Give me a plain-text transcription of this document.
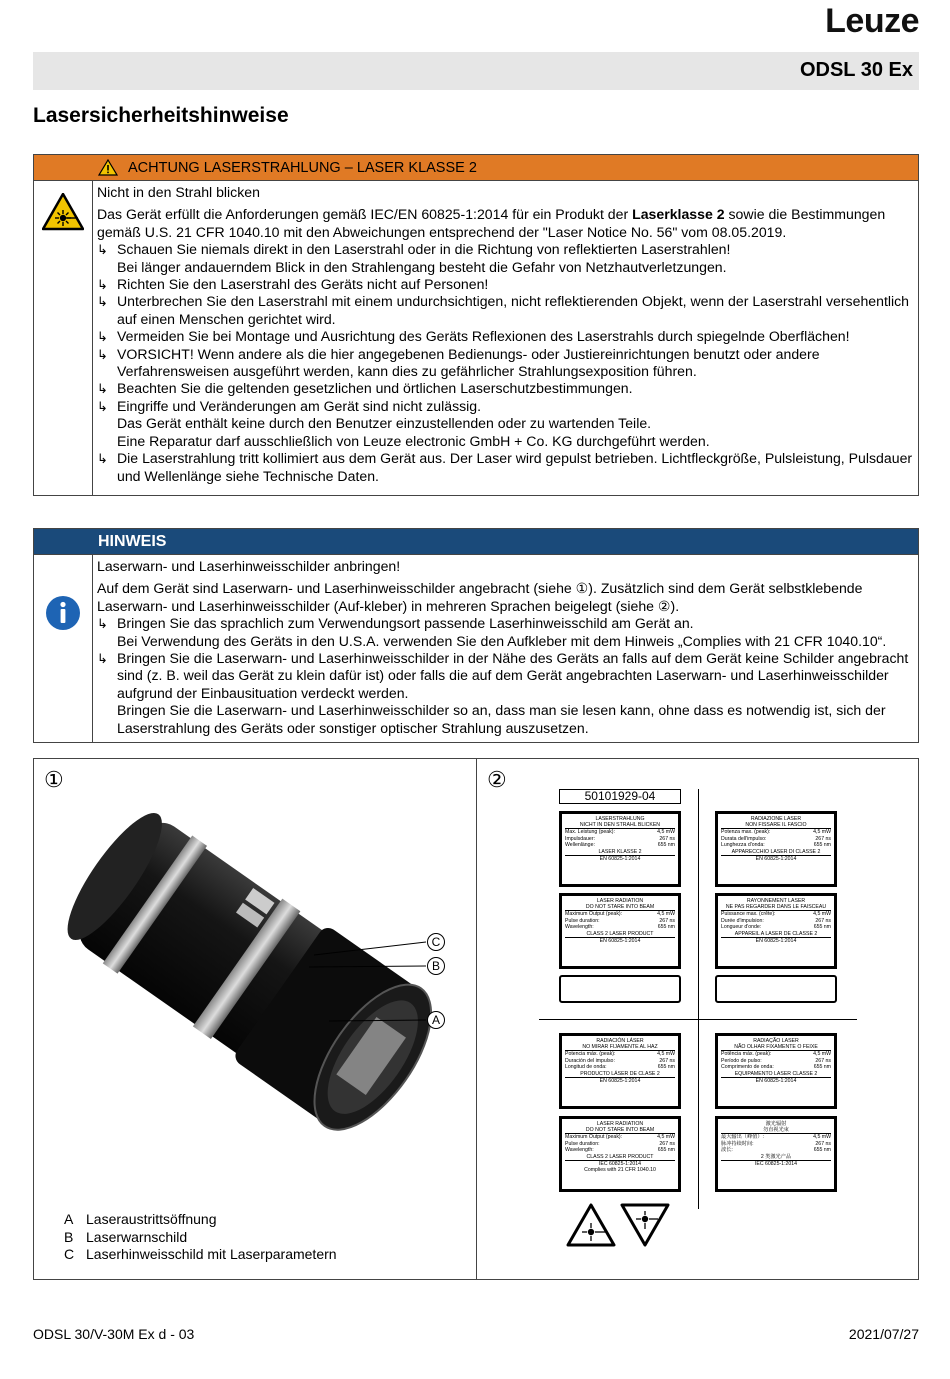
Leuze
ODSL 30 Ex
Lasersicherheitshinweise
ACHTUNG LASERSTRAHLUNG – LASER KLASSE 2

Nicht in den Strahl blicken

Das Gerät erfüllt die Anforderungen gemäß IEC/EN 60825-1:2014 für ein Produkt der Laserklasse 2 sowie die Bestimmungen gemäß U.S. 21 CFR 1040.10 mit den Abweichungen entsprechend der "Laser Notice No. 56" vom 08.05.2019.

↳ Schauen Sie niemals direkt in den Laserstrahl oder in die Richtung von reflektierten Laserstrahlen!

Bei länger andauerndem Blick in den Strahlengang besteht die Gefahr von Netzhautverletzungen.

↳ Richten Sie den Laserstrahl des Geräts nicht auf Personen!
↳ Unterbrechen Sie den Laserstrahl mit einem undurchsichtigen, nicht reflektierenden Objekt, wenn der Laserstrahl versehentlich auf einen Menschen gerichtet wird.
↳ Vermeiden Sie bei Montage und Ausrichtung des Geräts Reflexionen des Laserstrahls durch spiegelnde Oberflächen!
↳ VORSICHT! Wenn andere als die hier angegebenen Bedienungs- oder Justiereinrichtungen benutzt oder andere Verfahrensweisen ausgeführt werden, kann dies zu gefährlicher Strahlungsexposition führen.
↳ Beachten Sie die geltenden gesetzlichen und örtlichen Laserschutzbestimmungen.
↳ Eingriffe und Veränderungen am Gerät sind nicht zulässig.

Das Gerät enthält keine durch den Benutzer einzustellenden oder zu wartenden Teile.

Eine Reparatur darf ausschließlich von Leuze electronic GmbH + Co. KG durchgeführt werden.

↳ Die Laserstrahlung tritt kollimiert aus dem Gerät aus. Der Laser wird gepulst betrieben. Lichtfleckgröße, Pulsleistung, Pulsdauer und Wellenlänge siehe Technische Daten.
HINWEIS

Laserwarn- und Laserhinweisschilder anbringen!

Auf dem Gerät sind Laserwarn- und Laserhinweisschilder angebracht (siehe ①). Zusätzlich sind dem Gerät selbstklebende Laserwarn- und Laserhinweisschilder (Auf-kleber) in mehreren Sprachen beigelegt (siehe ②).

↳ Bringen Sie das sprachlich zum Verwendungsort passende Laserhinweisschild am Gerät an.

Bei Verwendung des Geräts in den U.S.A. verwenden Sie den Aufkleber mit dem Hinweis „Complies with 21 CFR 1040.10“.

↳ Bringen Sie die Laserwarn- und Laserhinweisschilder in der Nähe des Geräts an falls auf dem Gerät keine Schilder angebracht sind (z. B. weil das Gerät zu klein dafür ist) oder falls die auf dem Gerät angebrachten Laserwarn- und Laserhinweisschilder aufgrund der Einbausituation verdeckt werden.

Bringen Sie die Laserwarn- und Laserhinweisschilder so an, dass man sie lesen kann, ohne dass es notwendig ist, sich der Laserstrahlung des Geräts oder sonstiger optischer Strahlung auszusetzen.

①	②
C
B
A
A Laseraustrittsöffnung
B Laserwarnschild
C Laserhinweisschild mit Laserparametern
50101929-04
LASERSTRAHLUNG
NICHT IN DEN STRAHL BLICKEN
Max. Leistung (peak):	4,5 mW
Impulsdauer:	267 ns
Wellenlänge:	655 nm
LASER KLASSE 2
EN 60825-1:2014
RADIAZIONE LASER
NON FISSARE IL FASCIO
Potenza max. (peak):	4,5 mW
Durata dell'impulso:	267 ns
Lunghezza d'onda:	655 nm
APPARECCHIO LASER DI CLASSE 2
EN 60825-1:2014
LASER RADIATION
DO NOT STARE INTO BEAM
Maximum Output (peak):	4,5 mW
Pulse duration:	267 ns
Wavelength:	655 nm
CLASS 2 LASER PRODUCT
EN 60825-1:2014
RAYONNEMENT LASER
NE PAS REGARDER DANS LE FAISCEAU
Puissance max. (crête):	4,5 mW
Durée d'impulsion:	267 ns
Longueur d'onde:	655 nm
APPAREIL A LASER DE CLASSE 2
EN 60825-1:2014
RADIACIÓN LÁSER
NO MIRAR FIJAMENTE AL HAZ
Potencia máx. (peak):	4,5 mW
Duración del impulso:	267 ns
Longitud de onda:	655 nm
PRODUCTO LÁSER DE CLASE 2
EN 60825-1:2014
RADIAÇÃO LASER
NÃO OLHAR FIXAMENTE O FEIXE
Potência máx. (peak):	4,5 mW
Período de pulso:	267 ns
Comprimento de onda:	655 nm
EQUIPAMENTO LASER CLASSE 2
EN 60825-1:2014
LASER RADIATION
DO NOT STARE INTO BEAM
Maximum Output (peak):	4,5 mW
Pulse duration:	267 ns
Wavelength:	655 nm
CLASS 2 LASER PRODUCT
IEC 60825-1:2014
Complies with 21 CFR 1040.10
激光辐射
勿直视光束
最大输出（峰值）:	4,5 mW
脉冲持续时间:	267 ns
波长:	655 nm
2 类激光产品
IEC 60825-1:2014
ODSL 30/V-30M Ex d - 03	2021/07/27
